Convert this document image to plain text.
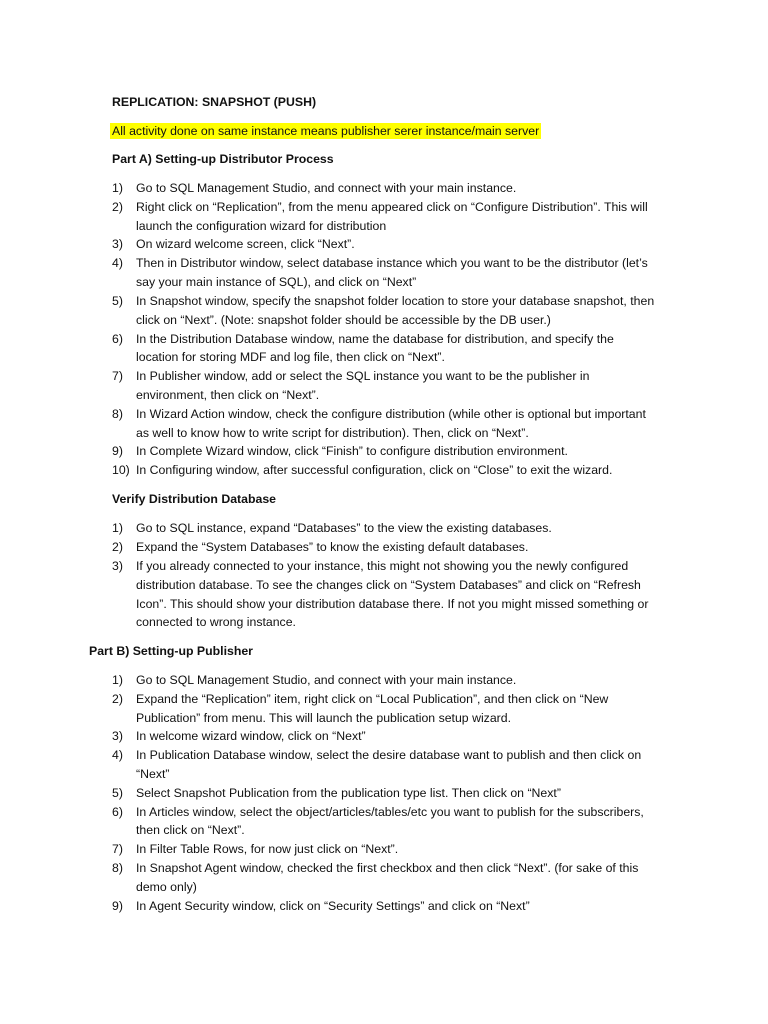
REPLICATION: SNAPSHOT (PUSH)
All activity done on same instance means publisher serer instance/main server
Part A) Setting-up Distributor Process
1) Go to SQL Management Studio, and connect with your main instance.
2) Right click on “Replication”, from the menu appeared click on “Configure Distribution”. This will
launch the configuration wizard for distribution
3) On wizard welcome screen, click “Next”.
4) Then in Distributor window, select database instance which you want to be the distributor (let’s
say your main instance of SQL), and click on “Next”
5) In Snapshot window, specify the snapshot folder location to store your database snapshot, then
click on “Next”. (Note: snapshot folder should be accessible by the DB user.)
6) In the Distribution Database window, name the database for distribution, and specify the
location for storing MDF and log file, then click on “Next”.
7) In Publisher window, add or select the SQL instance you want to be the publisher in
environment, then click on “Next”.
8) In Wizard Action window, check the configure distribution (while other is optional but important
as well to know how to write script for distribution). Then, click on “Next”.
9) In Complete Wizard window, click “Finish” to configure distribution environment.
10) In Configuring window, after successful configuration, click on “Close” to exit the wizard.
Verify Distribution Database
1) Go to SQL instance, expand “Databases” to the view the existing databases.
2) Expand the “System Databases” to know the existing default databases.
3) If you already connected to your instance, this might not showing you the newly configured
distribution database. To see the changes click on “System Databases” and click on “Refresh
Icon”. This should show your distribution database there. If not you might missed something or
connected to wrong instance.
Part B) Setting-up Publisher
1) Go to SQL Management Studio, and connect with your main instance.
2) Expand the “Replication” item, right click on “Local Publication”, and then click on “New
Publication” from menu. This will launch the publication setup wizard.
3) In welcome wizard window, click on “Next”
4) In Publication Database window, select the desire database want to publish and then click on
“Next”
5) Select Snapshot Publication from the publication type list. Then click on “Next”
6) In Articles window, select the object/articles/tables/etc you want to publish for the subscribers,
then click on “Next”.
7) In Filter Table Rows, for now just click on “Next”.
8) In Snapshot Agent window, checked the first checkbox and then click “Next”. (for sake of this
demo only)
9) In Agent Security window, click on “Security Settings” and click on “Next”
